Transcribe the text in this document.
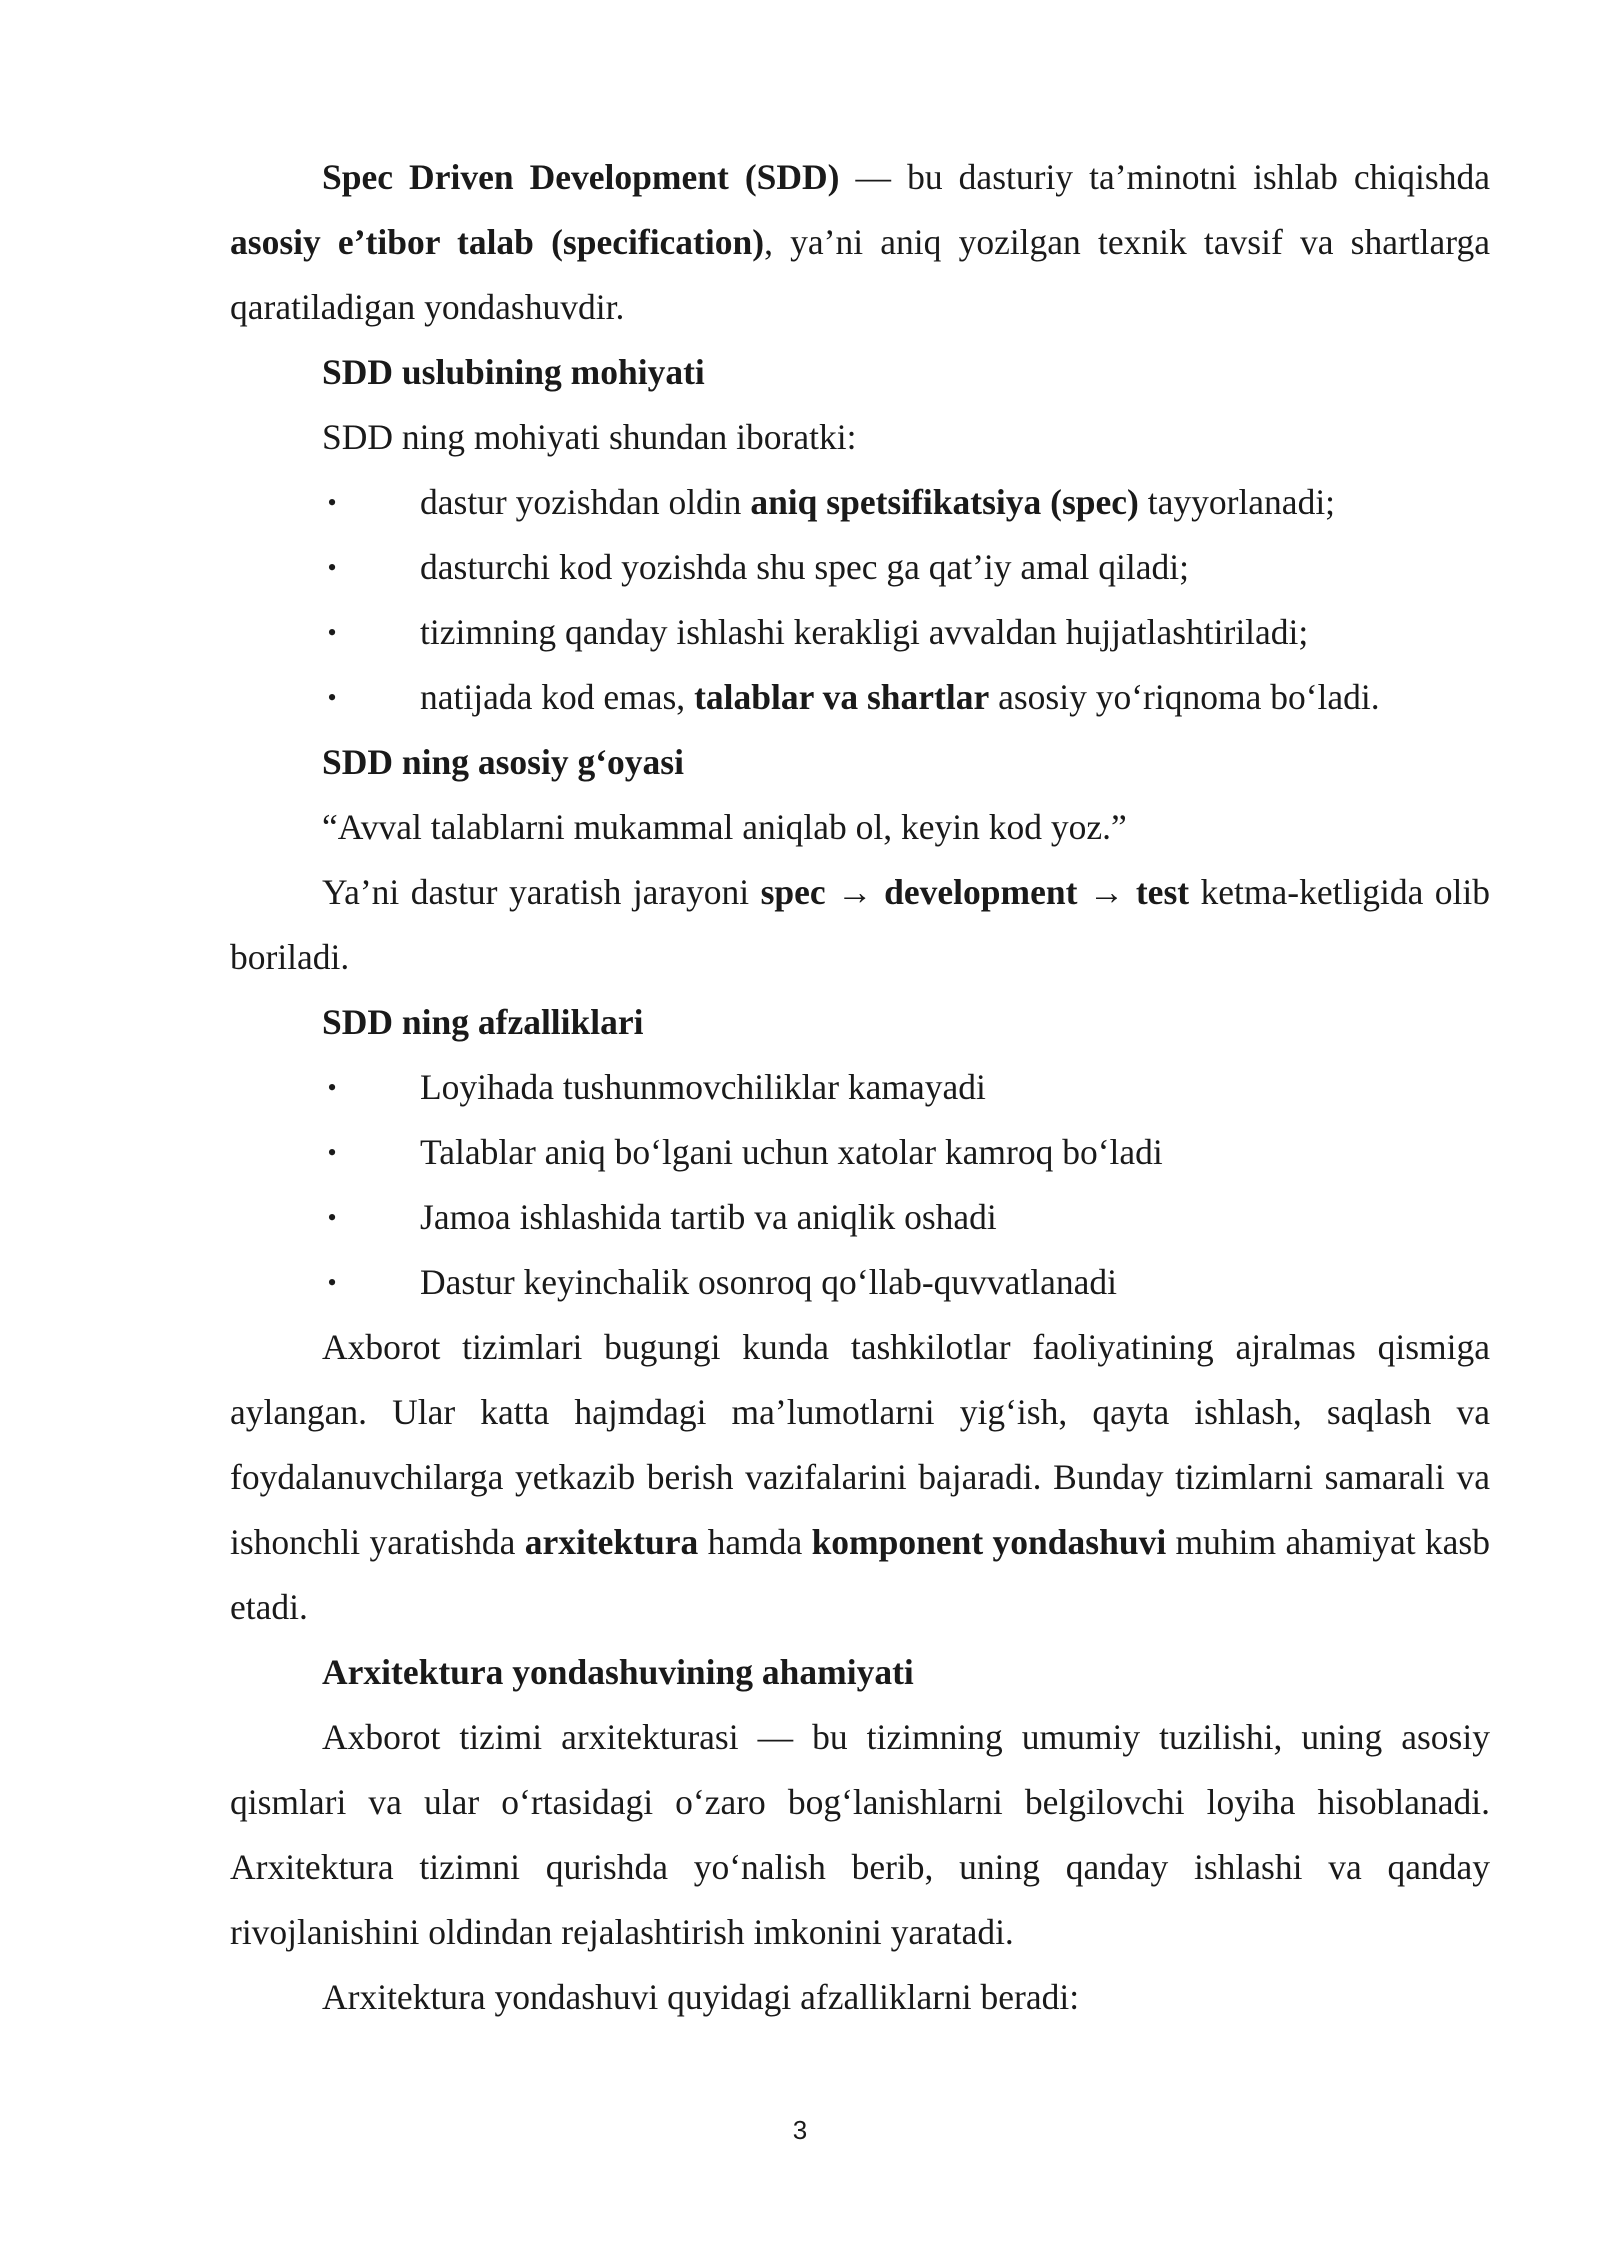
Spec Driven Development (SDD) — bu dasturiy ta’minotni ishlab chiqishda asosiy e’tibor talab (specification), ya’ni aniq yozilgan texnik tavsif va shartlarga qaratiladigan yondashuvdir.

SDD uslubining mohiyati

SDD ning mohiyati shundan iboratki:

• dastur yozishdan oldin aniq spetsifikatsiya (spec) tayyorlanadi;
• dasturchi kod yozishda shu spec ga qat’iy amal qiladi;
• tizimning qanday ishlashi kerakligi avvaldan hujjatlashtiriladi;
• natijada kod emas, talablar va shartlar asosiy yo‘riqnoma bo‘ladi.

SDD ning asosiy g‘oyasi

“Avval talablarni mukammal aniqlab ol, keyin kod yoz.”

Ya’ni dastur yaratish jarayoni spec → development → test ketma-ketligida olib boriladi.

SDD ning afzalliklari

• Loyihada tushunmovchiliklar kamayadi
• Talablar aniq bo‘lgani uchun xatolar kamroq bo‘ladi
• Jamoa ishlashida tartib va aniqlik oshadi
• Dastur keyinchalik osonroq qo‘llab-quvvatlanadi

Axborot tizimlari bugungi kunda tashkilotlar faoliyatining ajralmas qismiga aylangan. Ular katta hajmdagi ma’lumotlarni yig‘ish, qayta ishlash, saqlash va foydalanuvchilarga yetkazib berish vazifalarini bajaradi. Bunday tizimlarni samarali va ishonchli yaratishda arxitektura hamda komponent yondashuvi muhim ahamiyat kasb etadi.

Arxitektura yondashuvining ahamiyati

Axborot tizimi arxitekturasi — bu tizimning umumiy tuzilishi, uning asosiy qismlari va ular o‘rtasidagi o‘zaro bog‘lanishlarni belgilovchi loyiha hisoblanadi. Arxitektura tizimni qurishda yo‘nalish berib, uning qanday ishlashi va qanday rivojlanishini oldindan rejalashtirish imkonini yaratadi.

Arxitektura yondashuvi quyidagi afzalliklarni beradi:

3
